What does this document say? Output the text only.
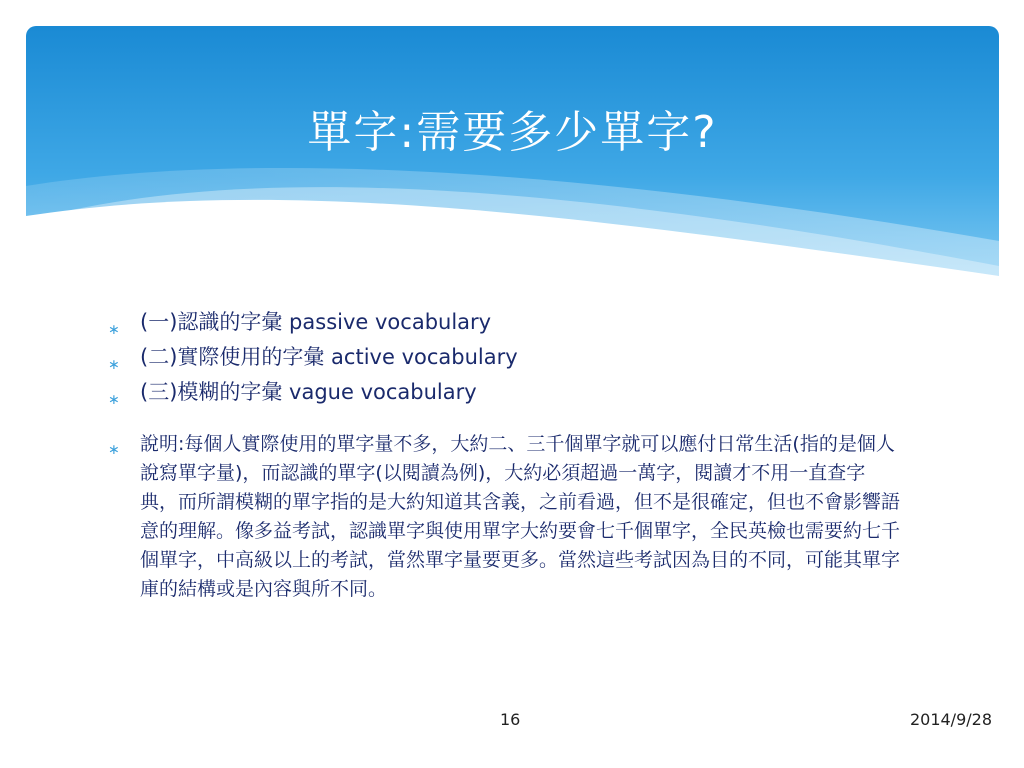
單字:需要多少單字?
∗ (一)認識的字彙 passive vocabulary
∗ (二)實際使用的字彙 active vocabulary
∗ (三)模糊的字彙 vague vocabulary
∗ 說明:每個人實際使用的單字量不多，大約二、三千個單字就可以應付日常生活(指的是個人說寫單字量)，而認識的單字(以閱讀為例)，大約必須超過一萬字，閱讀才不用一直查字典，而所謂模糊的單字指的是大約知道其含義，之前看過，但不是很確定，但也不會影響語意的理解。像多益考試，認識單字與使用單字大約要會七千個單字，全民英檢也需要約七千個單字，中高級以上的考試，當然單字量要更多。當然這些考試因為目的不同，可能其單字庫的結構或是內容與所不同。
16	2014/9/28
